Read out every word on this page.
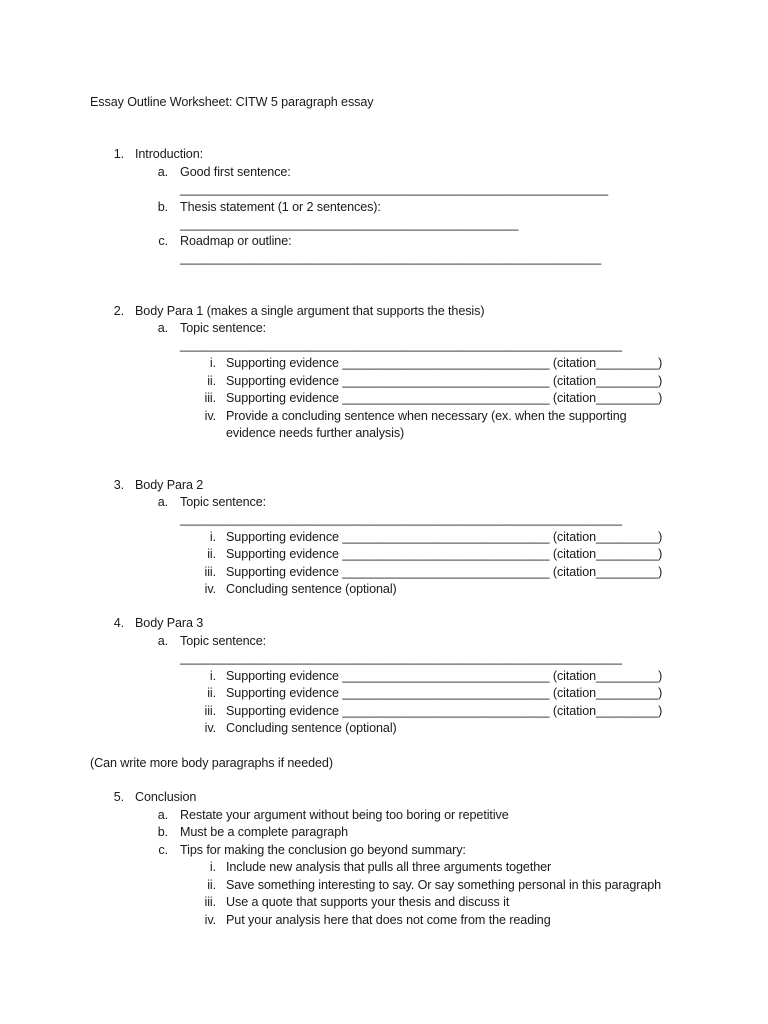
Essay Outline Worksheet: CITW 5 paragraph essay
1. Introduction:
a. Good first sentence:
______________________________________________________________
b. Thesis statement (1 or 2 sentences):
_________________________________________________
c. Roadmap or outline:
_____________________________________________________________
2. Body Para 1 (makes a single argument that supports the thesis)
a. Topic sentence:
________________________________________________________________
i. Supporting evidence ______________________________ (citation_________)
ii. Supporting evidence ______________________________ (citation_________)
iii. Supporting evidence ______________________________ (citation_________)
iv. Provide a concluding sentence when necessary (ex. when the supporting
evidence needs further analysis)
3. Body Para 2
a. Topic sentence:
________________________________________________________________
i. Supporting evidence ______________________________ (citation_________)
ii. Supporting evidence ______________________________ (citation_________)
iii. Supporting evidence ______________________________ (citation_________)
iv. Concluding sentence (optional)
4. Body Para 3
a. Topic sentence:
________________________________________________________________
i. Supporting evidence ______________________________ (citation_________)
ii. Supporting evidence ______________________________ (citation_________)
iii. Supporting evidence ______________________________ (citation_________)
iv. Concluding sentence (optional)
(Can write more body paragraphs if needed)
5. Conclusion
a. Restate your argument without being too boring or repetitive
b. Must be a complete paragraph
c. Tips for making the conclusion go beyond summary:
i. Include new analysis that pulls all three arguments together
ii. Save something interesting to say. Or say something personal in this paragraph
iii. Use a quote that supports your thesis and discuss it
iv. Put your analysis here that does not come from the reading
